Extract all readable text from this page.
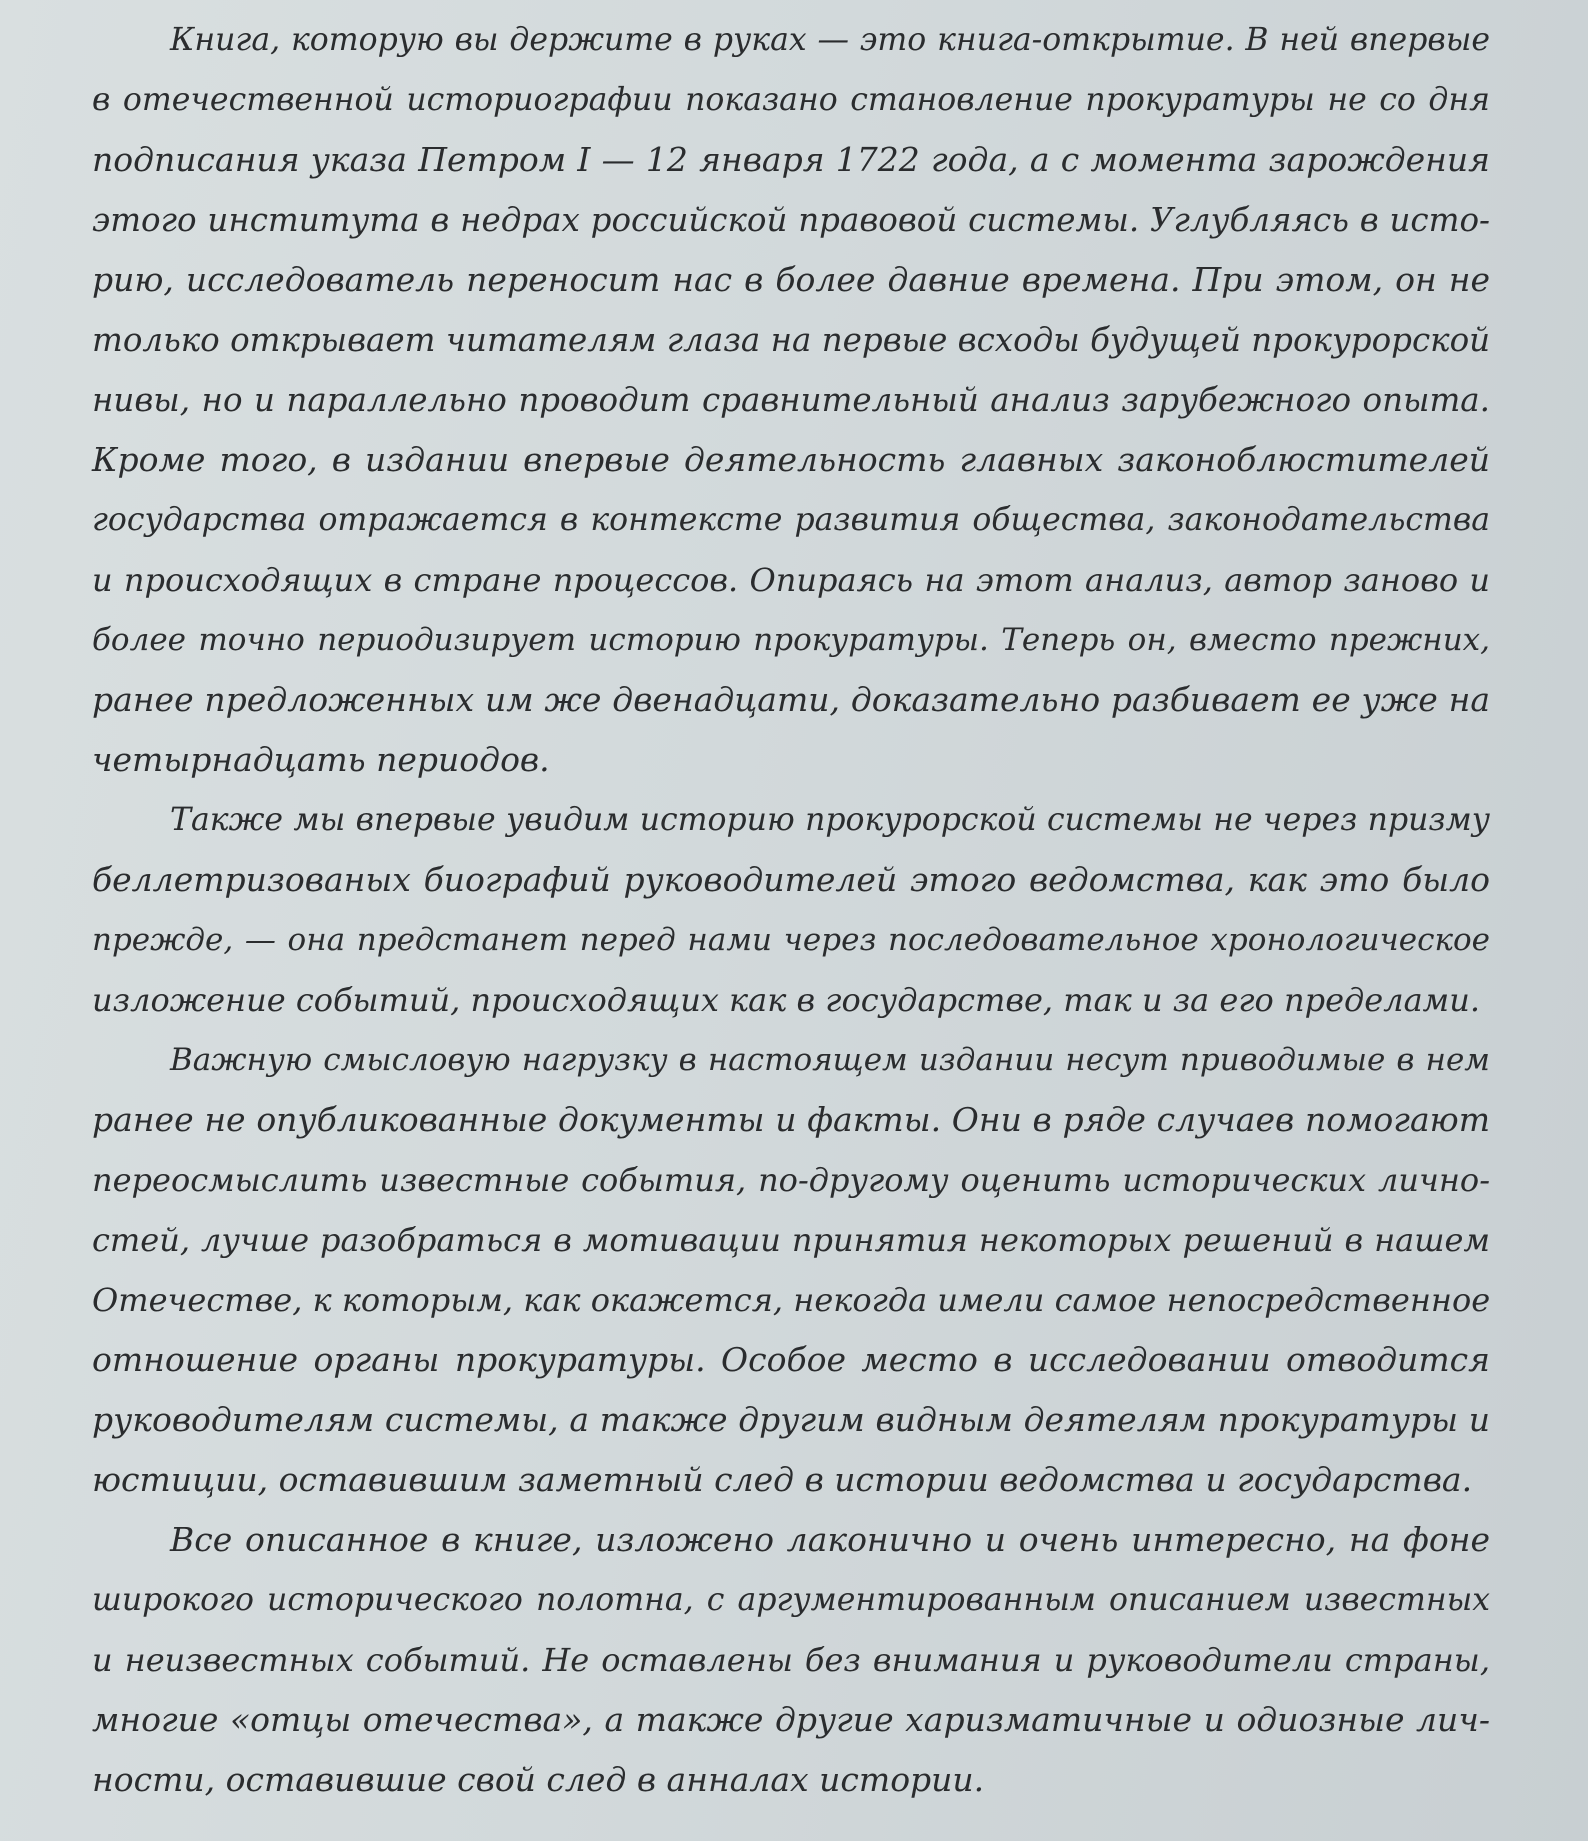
Книга, которую вы держите в руках — это книга-открытие. В ней впервые
в отечественной историографии показано становление прокуратуры не со дня
подписания указа Петром I — 12 января 1722 года, а с момента зарождения
этого института в недрах российской правовой системы. Углубляясь в исто-
рию, исследователь переносит нас в более давние времена. При этом, он не
только открывает читателям глаза на первые всходы будущей прокурорской
нивы, но и параллельно проводит сравнительный анализ зарубежного опыта.
Кроме того, в издании впервые деятельность главных законоблюстителей
государства отражается в контексте развития общества, законодательства
и происходящих в стране процессов. Опираясь на этот анализ, автор заново и
более точно периодизирует историю прокуратуры. Теперь он, вместо прежних,
ранее предложенных им же двенадцати, доказательно разбивает ее уже на
четырнадцать периодов.
Также мы впервые увидим историю прокурорской системы не через призму
беллетризованых биографий руководителей этого ведомства, как это было
прежде, — она предстанет перед нами через последовательное хронологическое
изложение событий, происходящих как в государстве, так и за его пределами.
Важную смысловую нагрузку в настоящем издании несут приводимые в нем
ранее не опубликованные документы и факты. Они в ряде случаев помогают
переосмыслить известные события, по-другому оценить исторических лично-
стей, лучше разобраться в мотивации принятия некоторых решений в нашем
Отечестве, к которым, как окажется, некогда имели самое непосредственное
отношение органы прокуратуры. Особое место в исследовании отводится
руководителям системы, а также другим видным деятелям прокуратуры и
юстиции, оставившим заметный след в истории ведомства и государства.
Все описанное в книге, изложено лаконично и очень интересно, на фоне
широкого исторического полотна, с аргументированным описанием известных
и неизвестных событий. Не оставлены без внимания и руководители страны,
многие «отцы отечества», а также другие харизматичные и одиозные лич-
ности, оставившие свой след в анналах истории.
